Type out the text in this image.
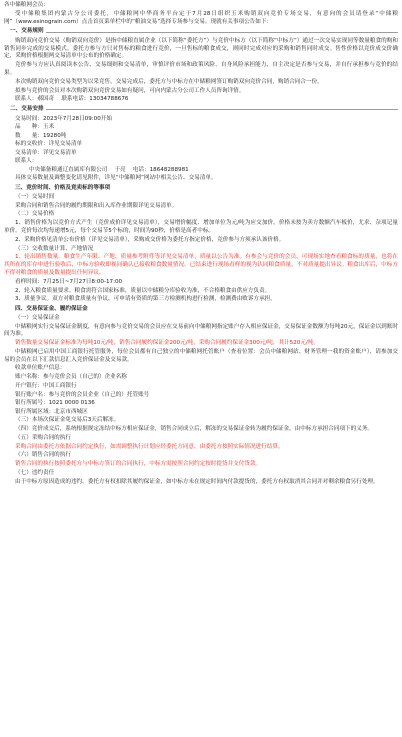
各中储粮网会员：

受中储粮集团内蒙古分公司委托，中储粮网中华商务平台定于7月28日组织玉米购销双向竞价专场交易，有意向的会员请登录“中储粮网”（www.esinograin.com）点击首页菜单栏中的“粮油交易”选择专场参与交易。现就有关事项公告如下：

一、交易规则

购销双向竞价交易（购销双向竞价）是指中储粮直属企业（以下简称“委托方”）与竞价中标方（以下简称“中标方”）通过一次交易实现同等数量粮食的购和销售同步完成的交易模式。委托方参与方只对售标的粮食进行竞价，一旦售标的粮食成交，则同时完成对应的采购和销售同时成交。售性价格以竞价成交价确定，采购价格根据两交易清单中公布的价格确定。

竞价参与方应认真阅读本公告、交易细则和交易清单，审慎评价市场和政策风险、自身风险承担能力，自主决定是否参与交易，并自行承担参与竞价的结果。

本次购销双向竞价交易类型为以采竞售，交易完成后，委托方与中标方在中储粮网签订购销双向竞价合同，购销合同合一份。

拟参与竞价的会员对本次购销双向竞价交易如有疑问，可向内蒙古分公司工作人员咨询详情。

联系人：郝国奇 联系电话：13034788676

二、交易安排

交易时间：2023年7月28日09:00开始

品　　种：玉米

数　　量：19280吨

标的交收价：详见交易清单

交易清单：详见交易清单

联系人：

中央储备粮通辽直属库有限公司 于亮 电话：18648288981

具体交易数量及调整变化请见附件，详见“中储粮网”网站中相关公告、交易清单。

三、竞价时间、价格及竞卖标的等事项

（一）交易时间

采购合同和销售合同的履约期限和出入库作业期限详见交易清单。

（二）交易价格

1、销售价格为以竞价方式产生（竞价成价详见交易清单），交易增价幅度、增加单位为元/吨为应交加价。价格未按为卖方数额汽车板价，尤求、杂项记量单价。竞价每次均每递增5元，每个交易节5个标的，时间为90秒，价格是高者中标。

2、采购价格见清单公布价格（详见交易清单），采购成交价格为委托方指定价格，竞价参与方须承认该价格。

（三）交收数量计算、产地情况

1、轮出销售数量。粮食生产年限、产地、质量参考附件等详见交易清单，质量以公告为准。有参会与竞价的会员，可现场实地查看粮食标的质量，也将在其所在的库存中进行验收后，中标方验收即视同确认已接收粮食数量情况。已结束进行现场看样的视为认同粮食质量，不对质量提出异议。粮食出库后，中标方不得对粮食的质量及数量提出任何异议。

看样时间：7月25日~7月27日8:00-17:00

2、轮入粮食质量要求。粮食需符合国家标准，质量以中储粮分库验收为准，不合格粮食由供应方负责。

3、质量争议。双方对粮食质量有争议，可申请有资质的第三方检测机构进行检测，检测费由败诉方承担。

四、交易保证金、履约保证金

（一）交易保证金

中储粮网实行交易保证金制度，有意向参与竞价交易的会员应在交易前向中储粮网指定账户存入相应保证金，交易保证金数额为每吨20元，保证金以到账时间为准。

销售数量交易保证金标准为每吨10元/吨，销售合同履约保证金200元/吨，采购合同履约保证金300元/吨，其计520元/吨。

中储粮网已启用中国工商银行托管服务，每位会员都有自己独立的中储粮网托管账户（查看位置：会员中储粮网站、财务管理一我的资金账户），请参加交易的会员在以下汇款信息汇入竞价保证金及交易款。

收款单位账户信息：

账户名称：参与竞价会员（自己的）企业名称

开户银行：中国工商银行

银行账户名：参与竞价的会员企业（自己的）托管账号

银行所属号：1021 0000 0136

银行所属区域：北京市西城区

（三）本场次保证金免交易后3天后解冻。

（四）竞价成交后，系统根据规定冻结中标方相应保证金，销售合同成立后，解冻的交易保证金转为履约保证金，由中标方承担合同项下的义务。

（五）采购合同的执行

采购合同由委托方依据合同约定执行，如需调整执行计划应经委托方同意，由委托方按照实际情况进行结算。

（六）销售合同的执行

销售合同的执行按照委托方与中标方签订的合同执行，中标方需按照合同约定按时提货并支付货款。

（七）违约责任

由于中标方原因造成的违约，委托方有权扣除其履约保证金，如中标方未在规定时间内付款提货的，委托方有权取消其合同并对剩余粮食另行处理。
